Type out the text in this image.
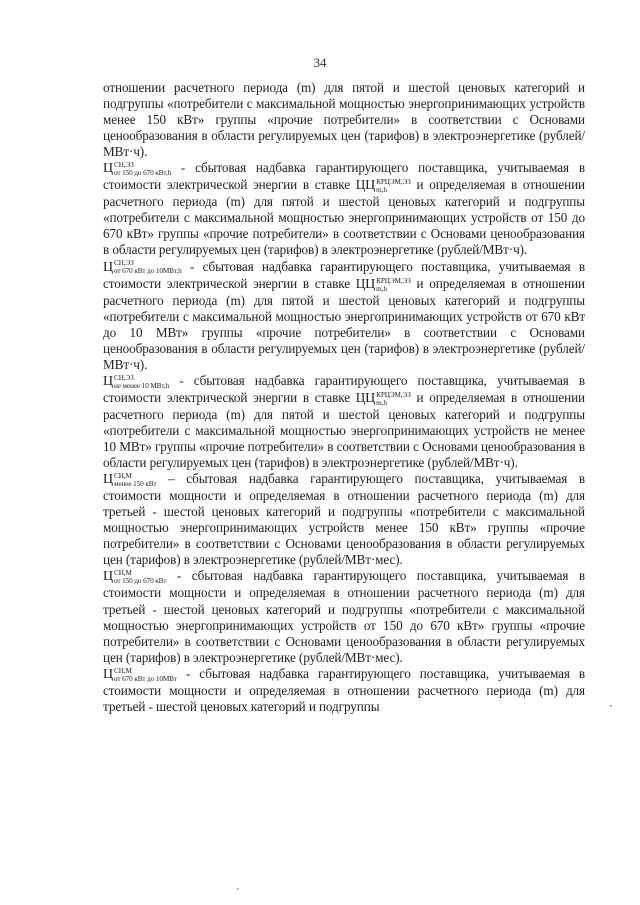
34

отношении расчетного периода (m) для пятой и шестой ценовых категорий и подгруппы «потребители с максимальной мощностью энергопринимающих устройств менее 150 кВт» группы «прочие потребители» в соответствии с Основами ценообразования в области регулируемых цен (тарифов) в электроэнергетике (рублей/МВт·ч).

Ц СН,ЭЗ
от 150 до 670 кВт,h - сбытовая надбавка гарантирующего поставщика, учитываемая в стоимости электрической энергии в ставке ЦЦ КРЦЭМ,ЭЗ
m,h	и определяемая в отношении расчетного периода (m) для пятой и шестой ценовых категорий и подгруппы «потребители с максимальной мощностью энергопринимающих устройств от 150 до 670 кВт» группы «прочие потребители» в соответствии с Основами ценообразования в области регулируемых цен (тарифов) в электроэнергетике (рублей/МВт·ч).

Ц СН,ЭЗ
от 670 кВт до 10МВт,h - сбытовая надбавка гарантирующего поставщика, учитываемая в стоимости электрической энергии в ставке ЦЦ КРЦЭМ,ЭЗ
m,h	и определяемая в отношении расчетного периода (m) для пятой и шестой ценовых категорий и подгруппы «потребители с максимальной мощностью энергопринимающих устройств от 670 кВт до 10 МВт» группы «прочие потребители» в соответствии с Основами ценообразования в области регулируемых цен (тарифов) в электроэнергетике (рублей/МВт·ч).

Ц СН,ЭЗ
не менее 10 МВт,h - сбытовая надбавка гарантирующего поставщика, учитываемая в стоимости электрической энергии в ставке ЦЦ КРЦЭМ,ЭЗ
m,h	и определяемая в отношении расчетного периода (m) для пятой и шестой ценовых категорий и подгруппы «потребители с максимальной мощностью энергопринимающих устройств не менее 10 МВт» группы «прочие потребители» в соответствии с Основами ценообразования в области регулируемых цен (тарифов) в электроэнергетике (рублей/МВт·ч).

Ц СН,М
менее 150 кВт – сбытовая надбавка гарантирующего поставщика, учитываемая в стоимости мощности и определяемая в отношении расчетного периода (m) для третьей - шестой ценовых категорий и подгруппы «потребители с максимальной мощностью энергопринимающих устройств менее 150 кВт» группы «прочие потребители» в соответствии с Основами ценообразования в области регулируемых цен (тарифов) в электроэнергетике (рублей/МВт·мес).

Ц СН,М
от 150 до 670 кВт - сбытовая надбавка гарантирующего поставщика, учитываемая в стоимости мощности и определяемая в отношении расчетного периода (m) для третьей - шестой ценовых категорий и подгруппы «потребители с максимальной мощностью энергопринимающих устройств от 150 до 670 кВт» группы «прочие потребители» в соответствии с Основами ценообразования в области регулируемых цен (тарифов) в электроэнергетике (рублей/МВт·мес).

Ц СН,М
от 670 кВт до 10МВт - сбытовая надбавка гарантирующего поставщика, учитываемая в стоимости мощности и определяемая в отношении расчетного периода (m) для третьей - шестой ценовых категорий и подгруппы
